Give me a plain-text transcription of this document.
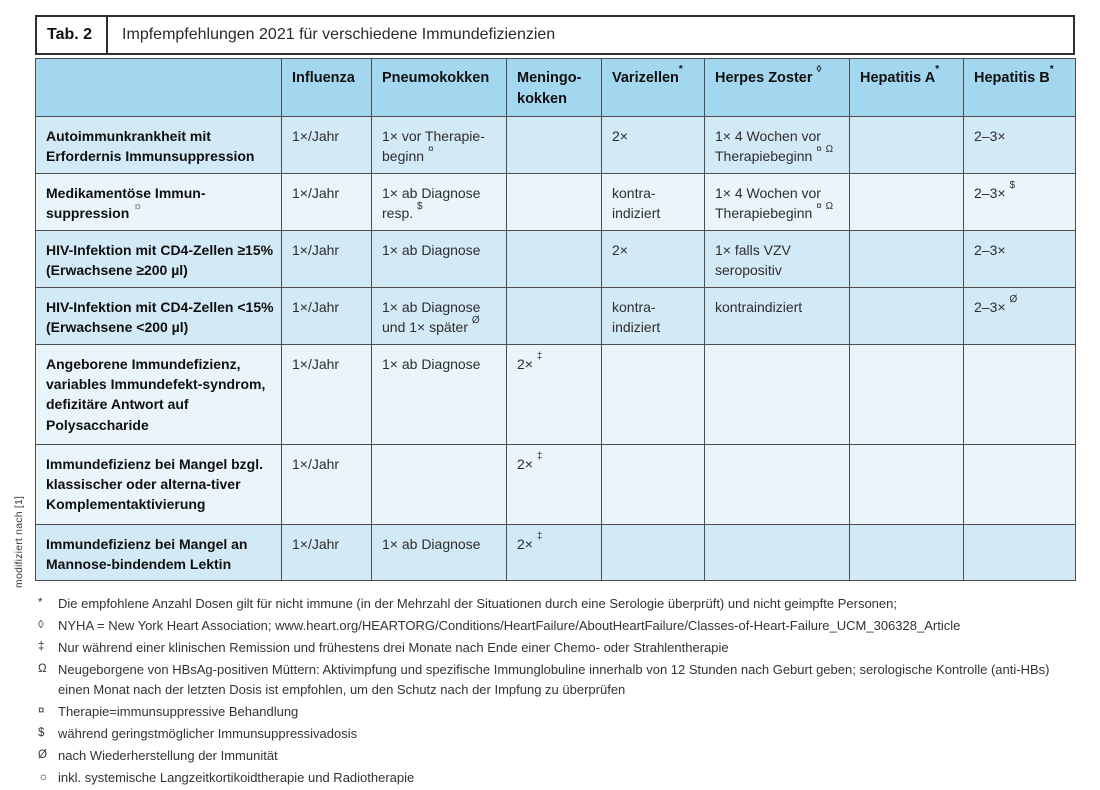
modifiziert nach [1]
Tab. 2	Impfempfehlungen 2021 für verschiedene Immundefizienzien
	Influenza	Pneumokokken	Meningo-kokken	Varizellen*	Herpes Zoster ◊	Hepatitis A*	Hepatitis B*
Autoimmunkrankheit mit Erfordernis Immunsuppression	1×/Jahr	1× vor Therapie-beginn ¤		2×	1× 4 Wochen vor Therapiebeginn ¤ $^\Omega$		2–3×
Medikamentöse Immun-suppression ☼	1×/Jahr	1× ab Diagnose resp. $		kontra-indiziert	1× 4 Wochen vor Therapiebeginn ¤ $^\Omega$		2–3× $
HIV-Infektion mit CD4-Zellen ≥15% (Erwachsene ≥200 µl)	1×/Jahr	1× ab Diagnose		2×	1× falls VZV seropositiv		2–3×
HIV-Infektion mit CD4-Zellen <15% (Erwachsene <200 µl)	1×/Jahr	1× ab Diagnose und 1× später $^Ø$		kontra-indiziert	kontraindiziert		2–3× $^Ø$
Angeborene Immundefizienz, variables Immundefekt-syndrom, defizitäre Antwort auf Polysaccharide	1×/Jahr	1× ab Diagnose	2× ‡				
Immundefizienz bei Mangel bzgl. klassischer oder alterna-tiver Komplementaktivierung	1×/Jahr		2× ‡				
Immundefizienz bei Mangel an Mannose-bindendem Lektin	1×/Jahr	1× ab Diagnose	2× ‡				
*	Die empfohlene Anzahl Dosen gilt für nicht immune (in der Mehrzahl der Situationen durch eine Serologie überprüft) und nicht geimpfte Personen;
◊	NYHA = New York Heart Association; www.heart.org/HEARTORG/Conditions/HeartFailure/AboutHeartFailure/Classes-of-Heart-Failure_UCM_306328_Article
‡	Nur während einer klinischen Remission und frühestens drei Monate nach Ende einer Chemo- oder Strahlentherapie
Ω Neugeborgene von HBsAg-positiven Müttern: Aktivimpfung und spezifische Immunglobuline innerhalb von 12 Stunden nach Geburt geben; serologische Kontrolle (anti-HBs) einen Monat nach der letzten Dosis ist empfohlen, um den Schutz nach der Impfung zu überprüfen
¤	Therapie=immunsuppressive Behandlung
$	während geringstmöglicher Immunsuppressivadosis
Ø nach Wiederherstellung der Immunität
☼ inkl. systemische Langzeitkortikoidtherapie und Radiotherapie
